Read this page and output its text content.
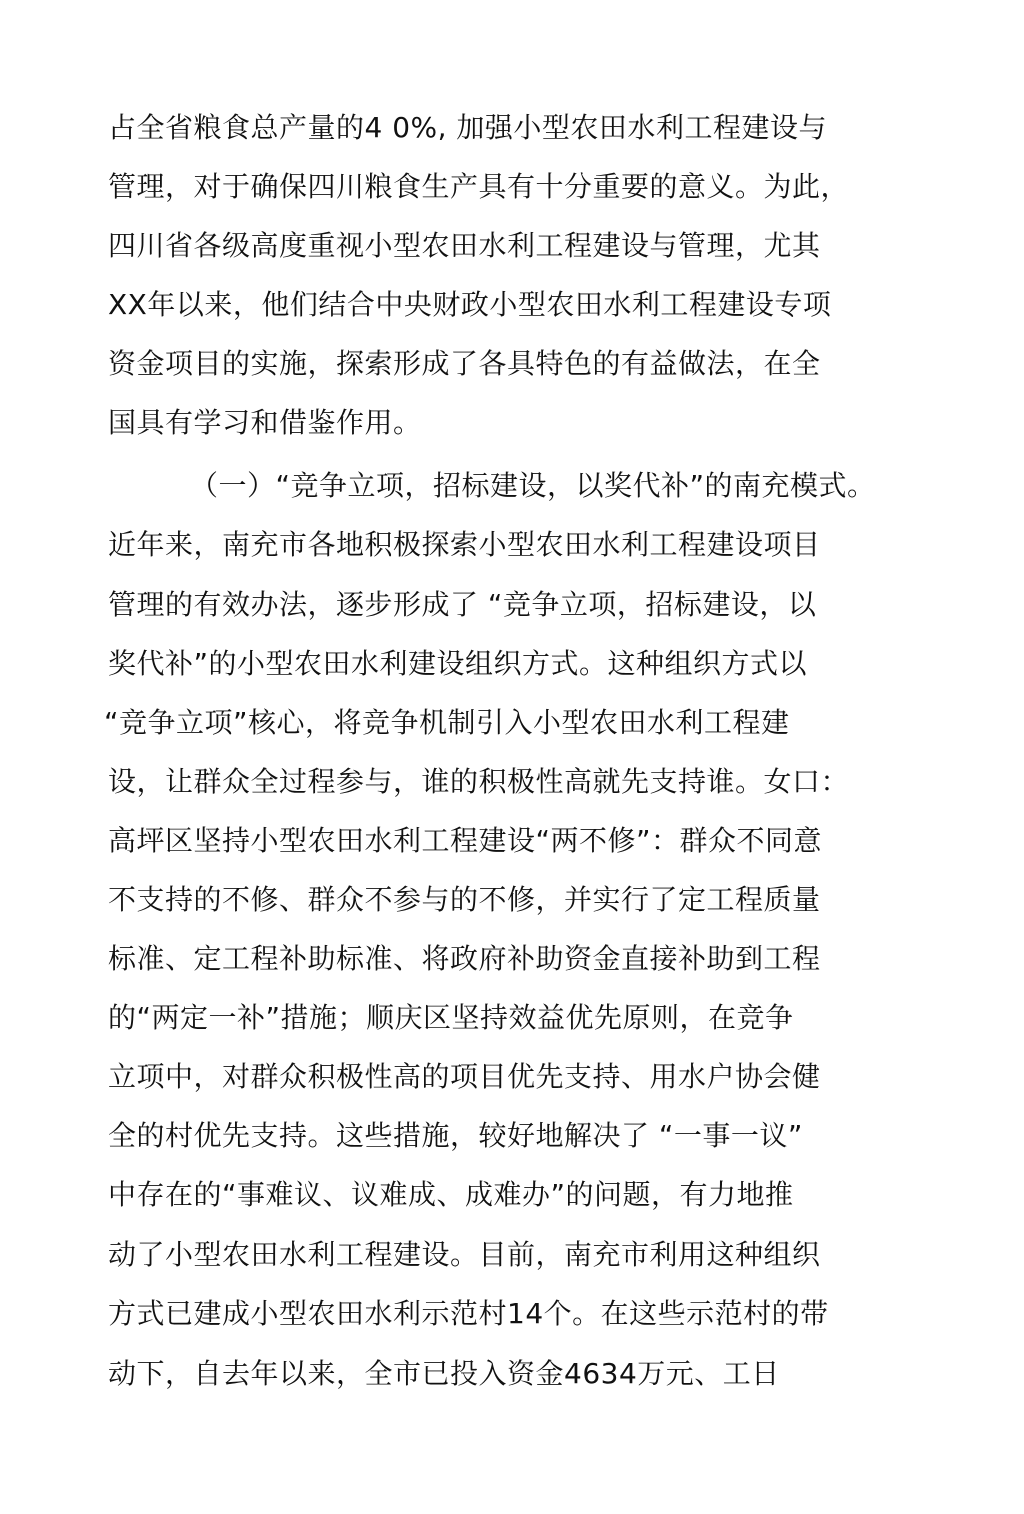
占全省粮食总产量的4 0%, 加强小型农田水利工程建设与
管理，对于确保四川粮食生产具有十分重要的意义。为此，
四川省各级高度重视小型农田水利工程建设与管理，尤其
XX年以来，他们结合中央财政小型农田水利工程建设专项
资金项目的实施，探索形成了各具特色的有益做法，在全
国具有学习和借鉴作用。
（一）“竞争立项，招标建设，以奖代补”的南充模式。
近年来，南充市各地积极探索小型农田水利工程建设项目
管理的有效办法，逐步形成了 “竞争立项，招标建设，以
奖代补”的小型农田水利建设组织方式。这种组织方式以
“竞争立项”核心，将竞争机制引入小型农田水利工程建
设，让群众全过程参与，谁的积极性高就先支持谁。女口：
高坪区坚持小型农田水利工程建设“两不修”：群众不同意
不支持的不修、群众不参与的不修，并实行了定工程质量
标准、定工程补助标准、将政府补助资金直接补助到工程
的“两定一补”措施；顺庆区坚持效益优先原则，在竞争
立项中，对群众积极性高的项目优先支持、用水户协会健
全的村优先支持。这些措施，较好地解决了 “一事一议”
中存在的“事难议、议难成、成难办”的问题，有力地推
动了小型农田水利工程建设。目前，南充市利用这种组织
方式已建成小型农田水利示范村14个。在这些示范村的带
动下，自去年以来，全市已投入资金4634万元、工日
